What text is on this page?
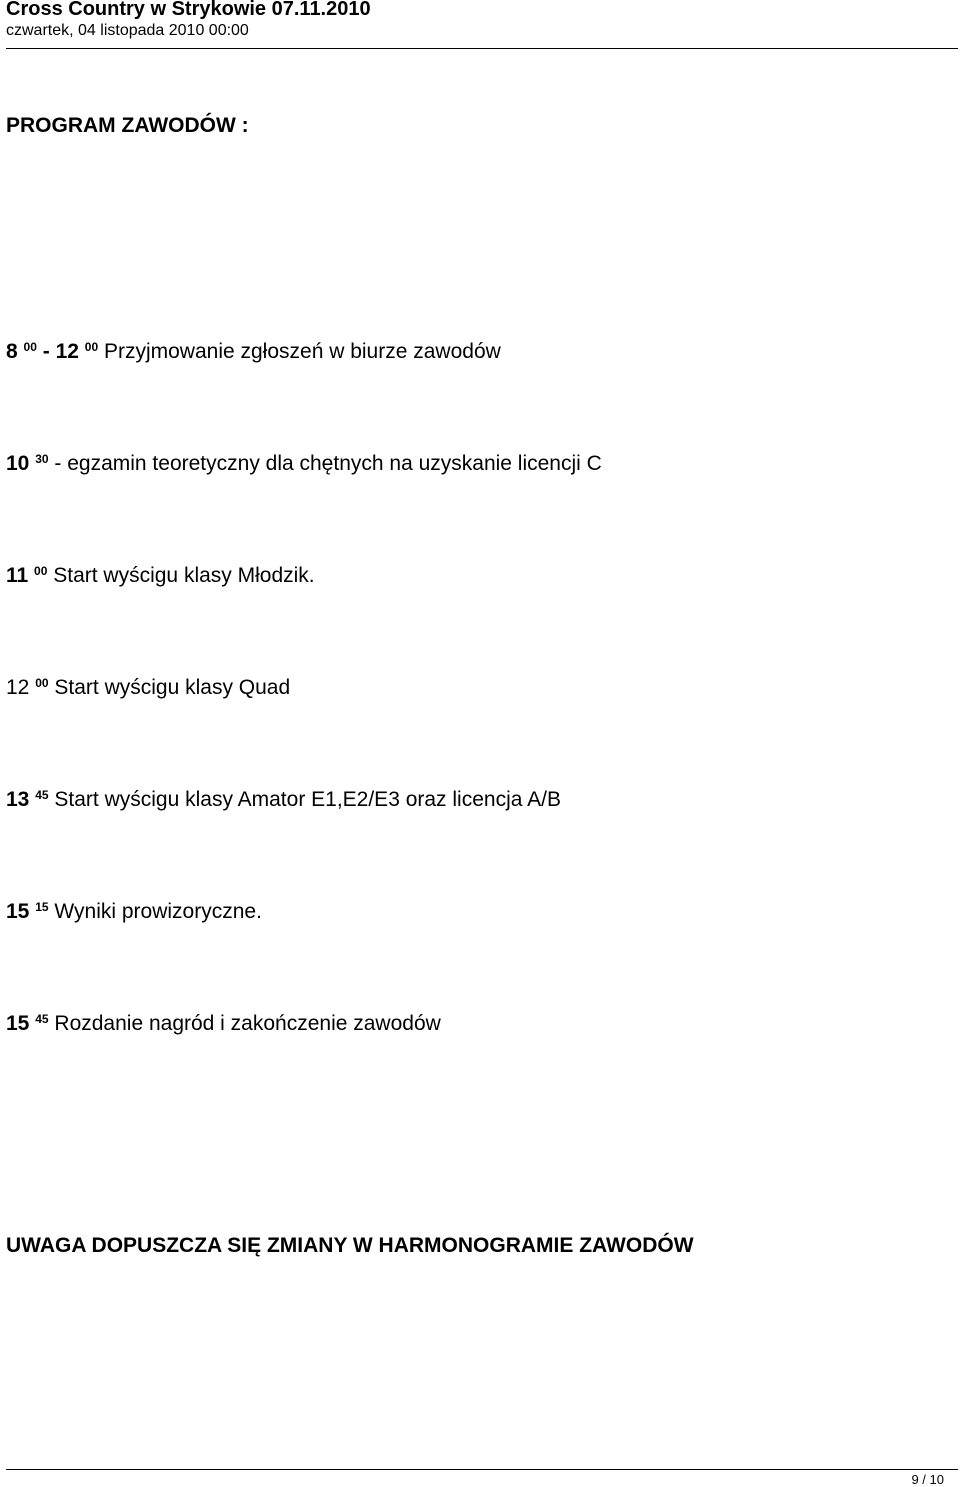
Cross Country w Strykowie 07.11.2010
czwartek, 04 listopada 2010 00:00
PROGRAM ZAWODÓW :
8 $^{00}$ - 12 $^{00}$ Przyjmowanie zgłoszeń w biurze zawodów
10 $^{30}$ - egzamin teoretyczny dla chętnych na uzyskanie licencji C
11 $^{00}$ Start wyścigu klasy Młodzik.
12 $^{00}$ Start wyścigu klasy Quad
13 $^{45}$ Start wyścigu klasy Amator E1,E2/E3 oraz licencja A/B
15 $^{15}$ Wyniki prowizoryczne.
15 $^{45}$ Rozdanie nagród i zakończenie zawodów
UWAGA DOPUSZCZA SIĘ ZMIANY W HARMONOGRAMIE ZAWODÓW
9 / 10
